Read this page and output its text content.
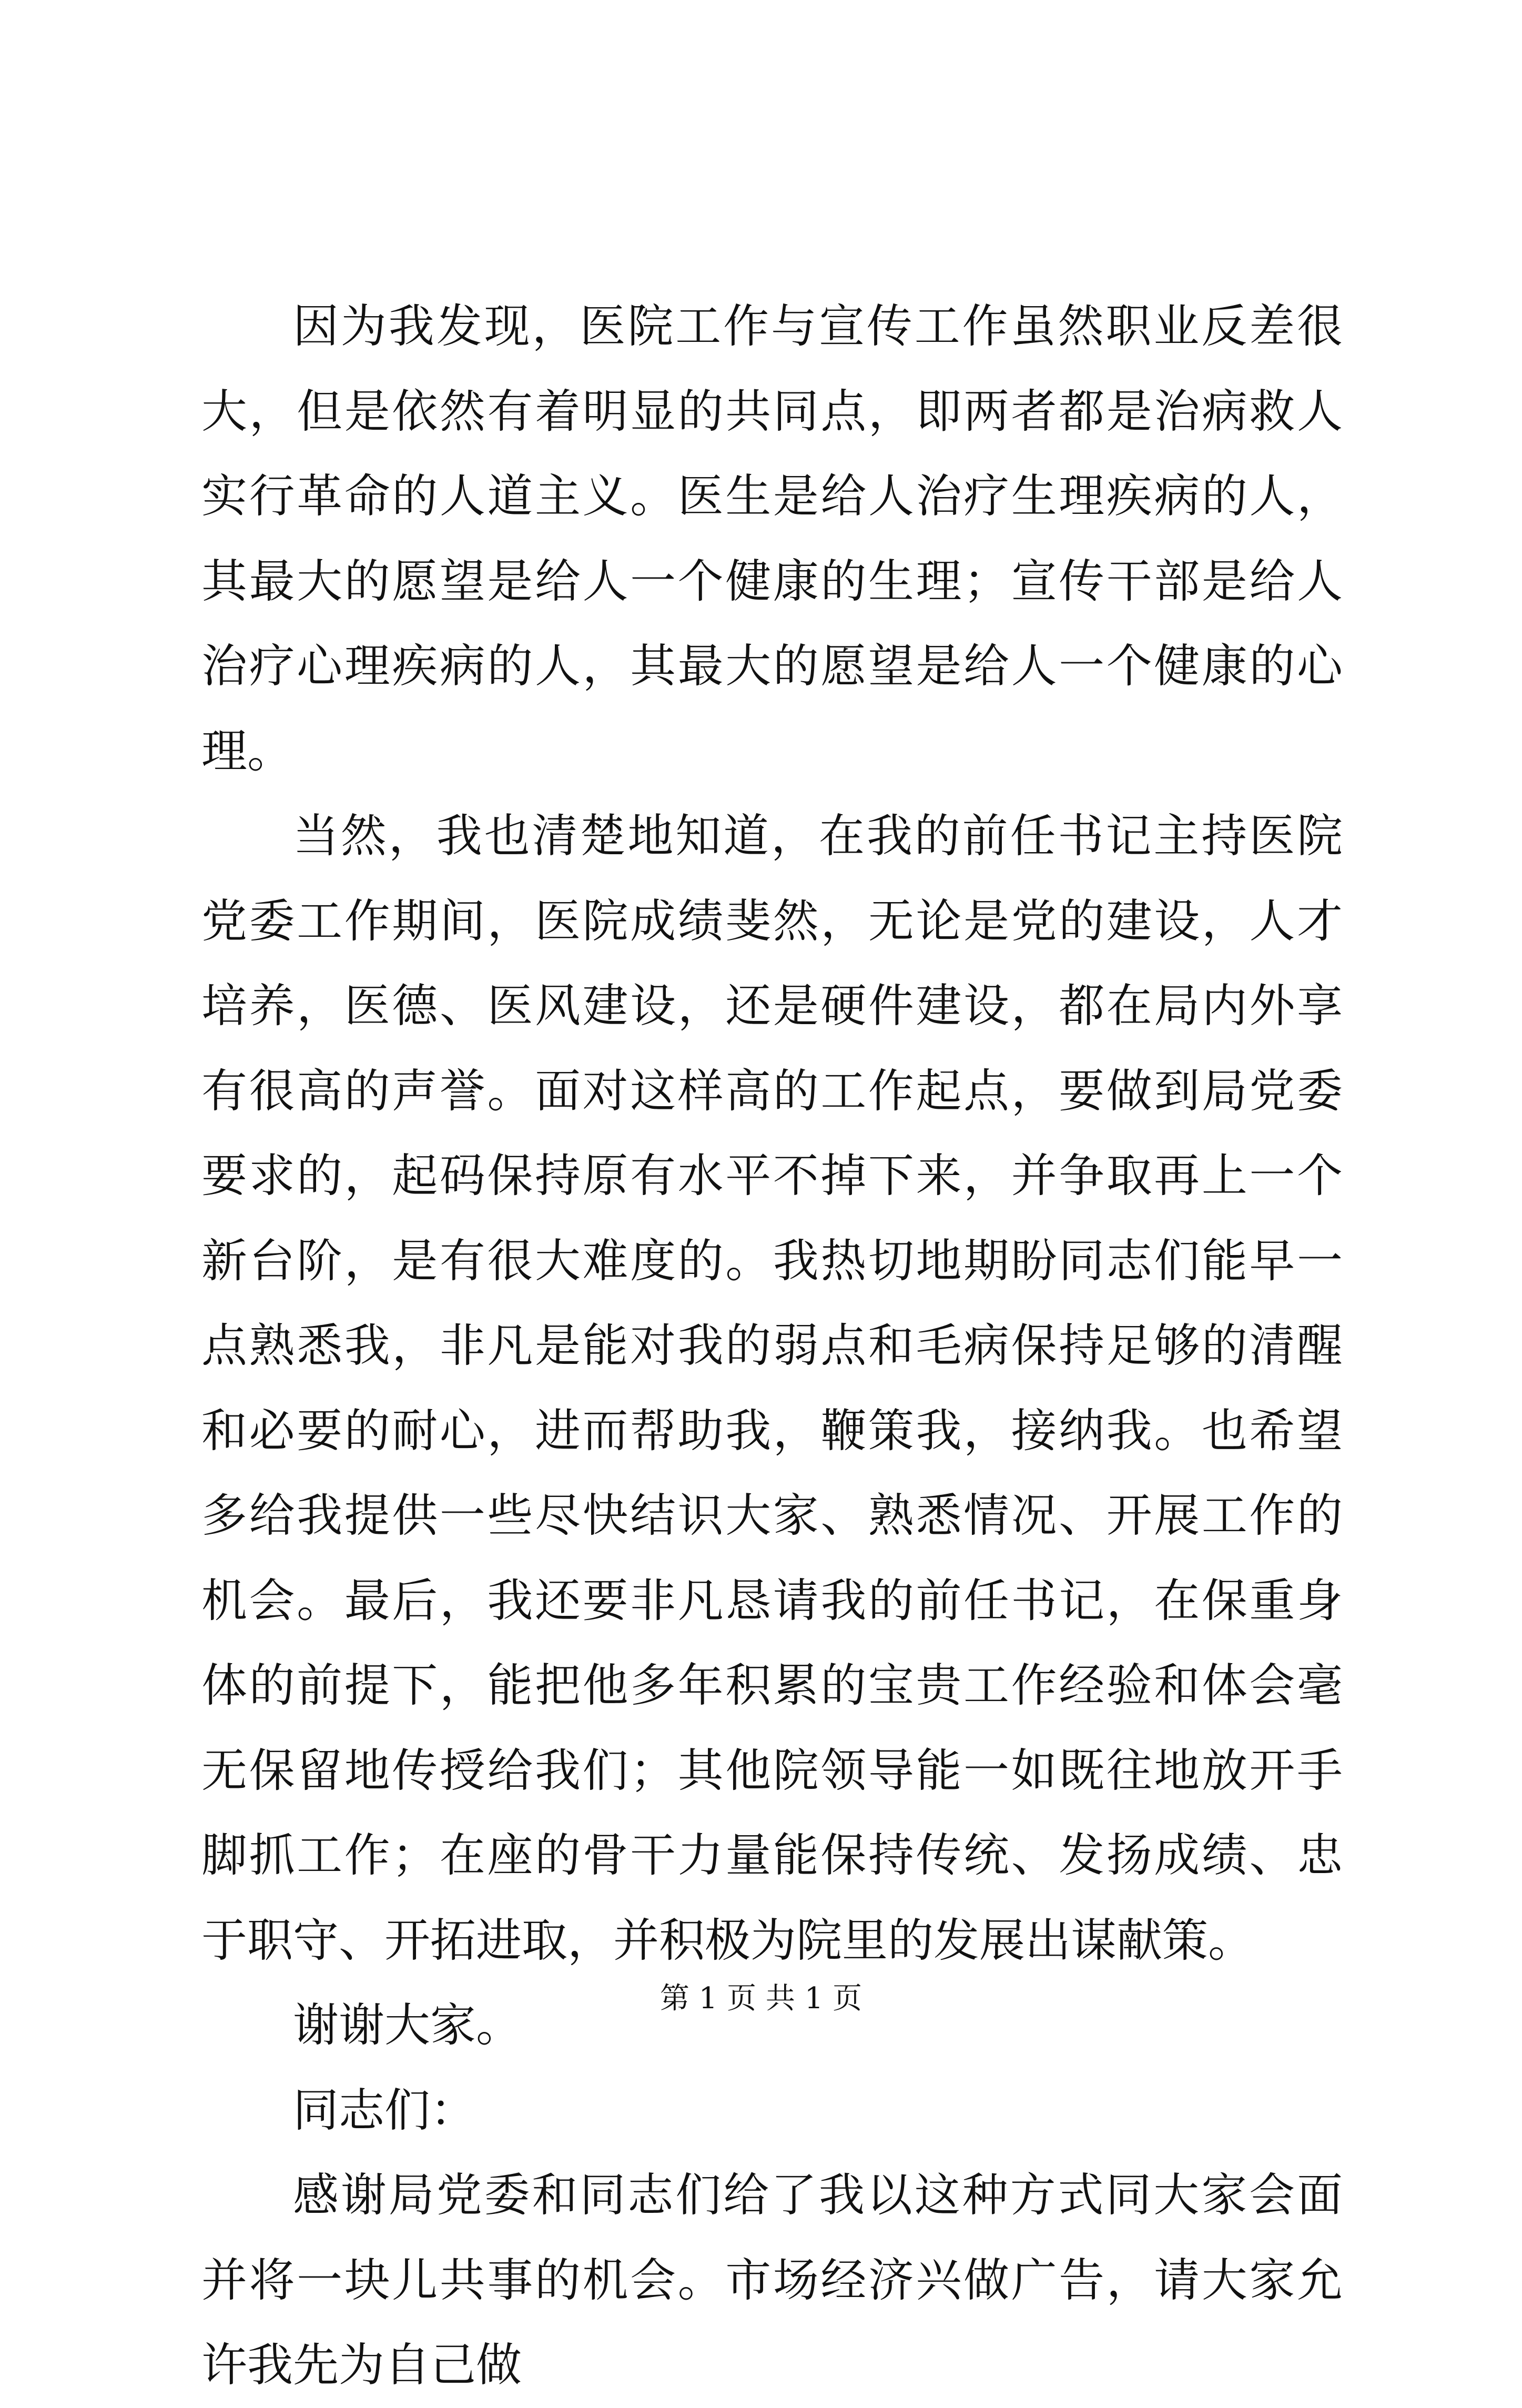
因为我发现，医院工作与宣传工作虽然职业反差很大，但是依然有着明显的共同点，即两者都是治病救人实行革命的人道主义。医生是给人治疗生理疾病的人，其最大的愿望是给人一个健康的生理；宣传干部是给人治疗心理疾病的人，其最大的愿望是给人一个健康的心理。

当然，我也清楚地知道，在我的前任书记主持医院党委工作期间，医院成绩斐然，无论是党的建设，人才培养，医德、医风建设，还是硬件建设，都在局内外享有很高的声誉。面对这样高的工作起点，要做到局党委要求的，起码保持原有水平不掉下来，并争取再上一个新台阶，是有很大难度的。我热切地期盼同志们能早一点熟悉我，非凡是能对我的弱点和毛病保持足够的清醒和必要的耐心，进而帮助我，鞭策我，接纳我。也希望多给我提供一些尽快结识大家、熟悉情况、开展工作的机会。最后，我还要非凡恳请我的前任书记，在保重身体的前提下，能把他多年积累的宝贵工作经验和体会毫无保留地传授给我们；其他院领导能一如既往地放开手脚抓工作；在座的骨干力量能保持传统、发扬成绩、忠于职守、开拓进取，并积极为院里的发展出谋献策。

谢谢大家。

同志们：

感谢局党委和同志们给了我以这种方式同大家会面并将一块儿共事的机会。市场经济兴做广告，请大家允许我先为自己做

第 1 页 共 1 页
